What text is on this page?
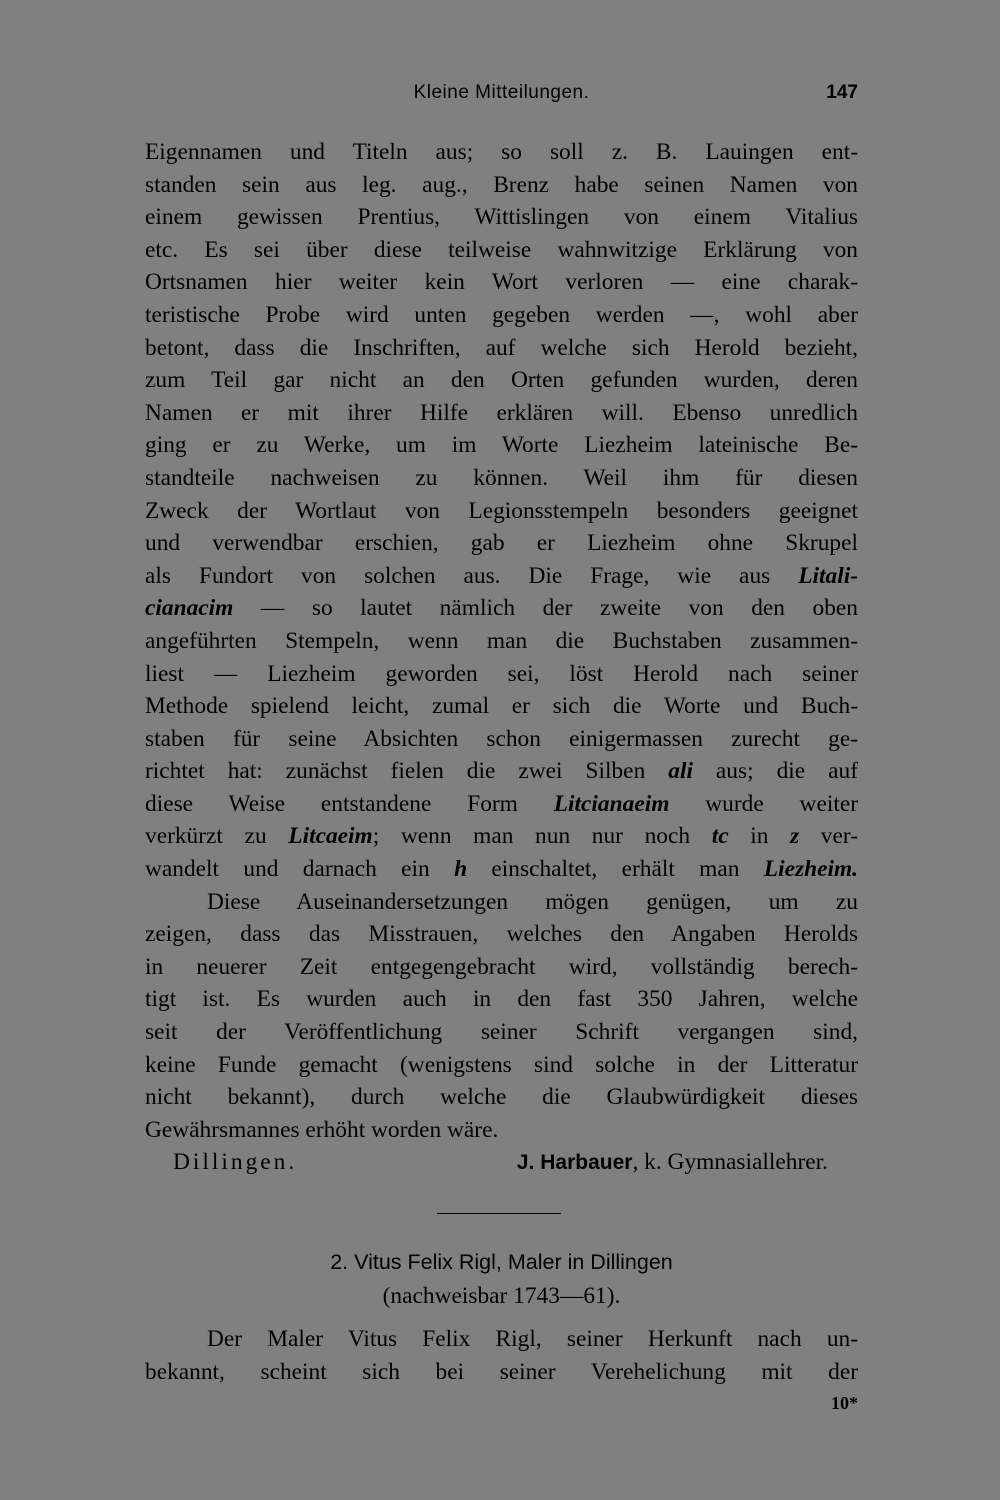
Kleine Mitteilungen.	147
Eigennamen und Titeln aus; so soll z. B. Lauingen ent-
standen sein aus leg. aug., Brenz habe seinen Namen von
einem gewissen Prentius, Wittislingen von einem Vitalius
etc. Es sei über diese teilweise wahnwitzige Erklärung von
Ortsnamen hier weiter kein Wort verloren — eine charak-
teristische Probe wird unten gegeben werden —, wohl aber
betont, dass die Inschriften, auf welche sich Herold bezieht,
zum Teil gar nicht an den Orten gefunden wurden, deren
Namen er mit ihrer Hilfe erklären will. Ebenso unredlich
ging er zu Werke, um im Worte Liezheim lateinische Be-
standteile nachweisen zu können. Weil ihm für diesen
Zweck der Wortlaut von Legionsstempeln besonders geeignet
und verwendbar erschien, gab er Liezheim ohne Skrupel
als Fundort von solchen aus. Die Frage, wie aus Litali-
cianacim — so lautet nämlich der zweite von den oben
angeführten Stempeln, wenn man die Buchstaben zusammen-
liest — Liezheim geworden sei, löst Herold nach seiner
Methode spielend leicht, zumal er sich die Worte und Buch-
staben für seine Absichten schon einigermassen zurecht ge-
richtet hat: zunächst fielen die zwei Silben ali aus; die auf
diese Weise entstandene Form Litcianaeim wurde weiter
verkürzt zu Litcaeim; wenn man nun nur noch tc in z ver-
wandelt und darnach ein h einschaltet, erhält man Liezheim.
Diese Auseinandersetzungen mögen genügen, um zu
zeigen, dass das Misstrauen, welches den Angaben Herolds
in neuerer Zeit entgegengebracht wird, vollständig berech-
tigt ist. Es wurden auch in den fast 350 Jahren, welche
seit der Veröffentlichung seiner Schrift vergangen sind,
keine Funde gemacht (wenigstens sind solche in der Litteratur
nicht bekannt), durch welche die Glaubwürdigkeit dieses
Gewährsmannes erhöht worden wäre.
Dillingen.	J. Harbauer, k. Gymnasiallehrer.
2. Vitus Felix Rigl, Maler in Dillingen
(nachweisbar 1743—61).
Der Maler Vitus Felix Rigl, seiner Herkunft nach un-
bekannt, scheint sich bei seiner Verehelichung mit der
10*
